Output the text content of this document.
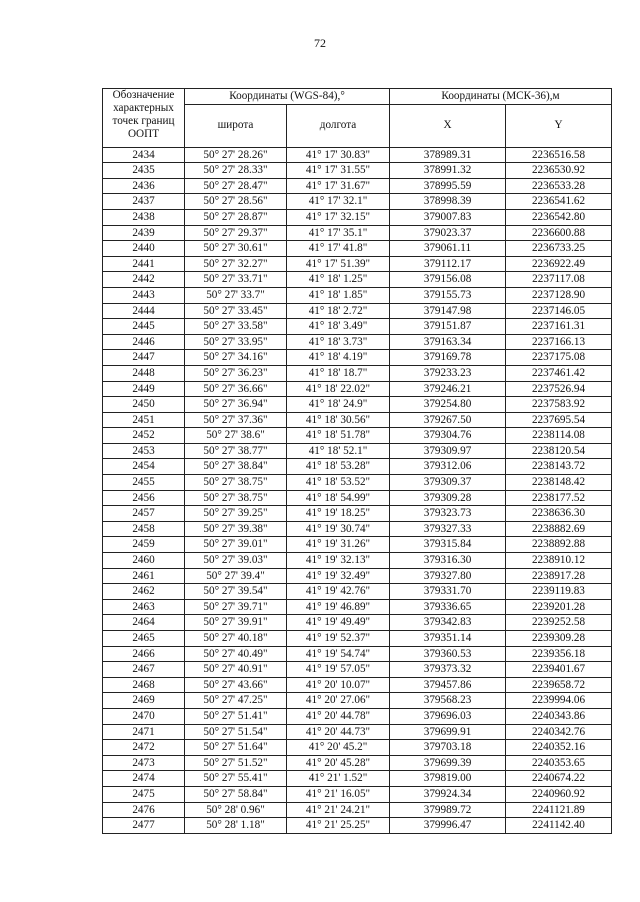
72
Обозначение характерных точек границ ООПТ	Координаты (WGS-84),°		Координаты (МСК-36),м	
	широта	долгота	X	Y
2434	50° 27' 28.26"	41° 17' 30.83"	378989.31	2236516.58
2435	50° 27' 28.33"	41° 17' 31.55"	378991.32	2236530.92
2436	50° 27' 28.47"	41° 17' 31.67"	378995.59	2236533.28
2437	50° 27' 28.56"	41° 17' 32.1"	378998.39	2236541.62
2438	50° 27' 28.87"	41° 17' 32.15"	379007.83	2236542.80
2439	50° 27' 29.37"	41° 17' 35.1"	379023.37	2236600.88
2440	50° 27' 30.61"	41° 17' 41.8"	379061.11	2236733.25
2441	50° 27' 32.27"	41° 17' 51.39"	379112.17	2236922.49
2442	50° 27' 33.71"	41° 18' 1.25"	379156.08	2237117.08
2443	50° 27' 33.7"	41° 18' 1.85"	379155.73	2237128.90
2444	50° 27' 33.45"	41° 18' 2.72"	379147.98	2237146.05
2445	50° 27' 33.58"	41° 18' 3.49"	379151.87	2237161.31
2446	50° 27' 33.95"	41° 18' 3.73"	379163.34	2237166.13
2447	50° 27' 34.16"	41° 18' 4.19"	379169.78	2237175.08
2448	50° 27' 36.23"	41° 18' 18.7"	379233.23	2237461.42
2449	50° 27' 36.66"	41° 18' 22.02"	379246.21	2237526.94
2450	50° 27' 36.94"	41° 18' 24.9"	379254.80	2237583.92
2451	50° 27' 37.36"	41° 18' 30.56"	379267.50	2237695.54
2452	50° 27' 38.6"	41° 18' 51.78"	379304.76	2238114.08
2453	50° 27' 38.77"	41° 18' 52.1"	379309.97	2238120.54
2454	50° 27' 38.84"	41° 18' 53.28"	379312.06	2238143.72
2455	50° 27' 38.75"	41° 18' 53.52"	379309.37	2238148.42
2456	50° 27' 38.75"	41° 18' 54.99"	379309.28	2238177.52
2457	50° 27' 39.25"	41° 19' 18.25"	379323.73	2238636.30
2458	50° 27' 39.38"	41° 19' 30.74"	379327.33	2238882.69
2459	50° 27' 39.01"	41° 19' 31.26"	379315.84	2238892.88
2460	50° 27' 39.03"	41° 19' 32.13"	379316.30	2238910.12
2461	50° 27' 39.4"	41° 19' 32.49"	379327.80	2238917.28
2462	50° 27' 39.54"	41° 19' 42.76"	379331.70	2239119.83
2463	50° 27' 39.71"	41° 19' 46.89"	379336.65	2239201.28
2464	50° 27' 39.91"	41° 19' 49.49"	379342.83	2239252.58
2465	50° 27' 40.18"	41° 19' 52.37"	379351.14	2239309.28
2466	50° 27' 40.49"	41° 19' 54.74"	379360.53	2239356.18
2467	50° 27' 40.91"	41° 19' 57.05"	379373.32	2239401.67
2468	50° 27' 43.66"	41° 20' 10.07"	379457.86	2239658.72
2469	50° 27' 47.25"	41° 20' 27.06"	379568.23	2239994.06
2470	50° 27' 51.41"	41° 20' 44.78"	379696.03	2240343.86
2471	50° 27' 51.54"	41° 20' 44.73"	379699.91	2240342.76
2472	50° 27' 51.64"	41° 20' 45.2"	379703.18	2240352.16
2473	50° 27' 51.52"	41° 20' 45.28"	379699.39	2240353.65
2474	50° 27' 55.41"	41° 21' 1.52"	379819.00	2240674.22
2475	50° 27' 58.84"	41° 21' 16.05"	379924.34	2240960.92
2476	50° 28' 0.96"	41° 21' 24.21"	379989.72	2241121.89
2477	50° 28' 1.18"	41° 21' 25.25"	379996.47	2241142.40
